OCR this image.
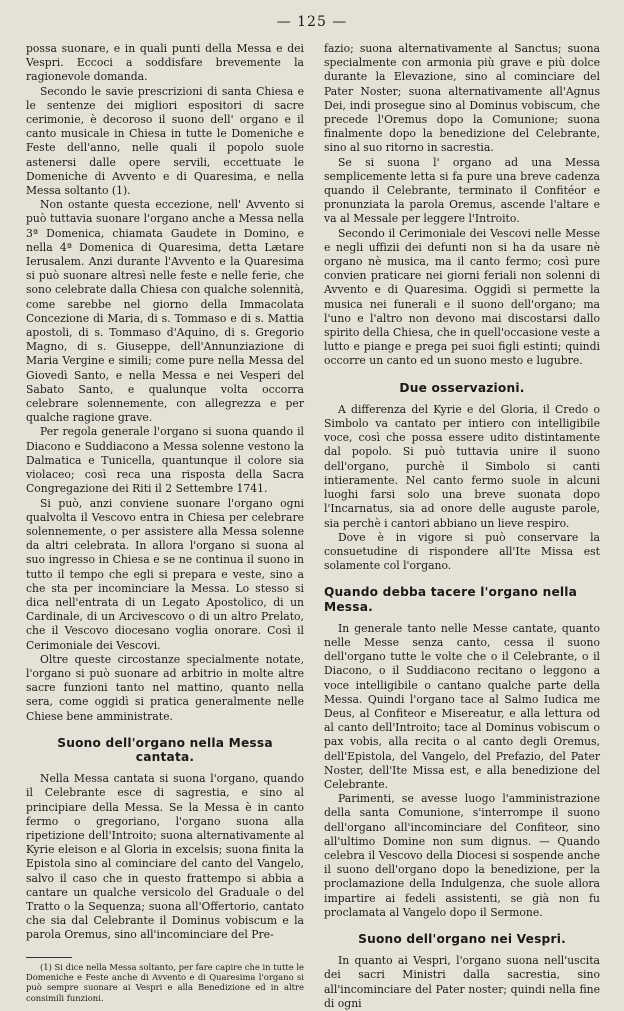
— 125 —

possa suonare, e in quali punti della Messa e dei Vespri. Eccoci a soddisfare brevemente la ragionevole domanda.

Secondo le savie prescrizioni di santa Chiesa e le sentenze dei migliori espositori di sacre cerimonie, è decoroso il suono dell' organo e il canto musicale in Chiesa in tutte le Domeniche e Feste dell'anno, nelle quali il popolo suole astenersi dalle opere servili, eccettuate le Domeniche di Avvento e di Quaresima, e nella Messa soltanto (1).

Non ostante questa eccezione, nell' Avvento si può tuttavia suonare l'organo anche a Messa nella 3ª Domenica, chiamata Gaudete in Domino, e nella 4ª Domenica di Quaresima, detta Lætare Ierusalem. Anzi durante l'Avvento e la Quaresima si può suonare altresì nelle feste e nelle ferie, che sono celebrate dalla Chiesa con qualche solennità, come sarebbe nel giorno della Immacolata Concezione di Maria, di s. Tommaso e di s. Mattia apostoli, di s. Tommaso d'Aquino, di s. Gregorio Magno, di s. Giuseppe, dell'Annunziazione di Maria Vergine e simili; come pure nella Messa del Giovedì Santo, e nella Messa e nei Vesperi del Sabato Santo, e qualunque volta occorra celebrare solennemente, con allegrezza e per qualche ragione grave.

Per regola generale l'organo si suona quando il Diacono e Suddiacono a Messa solenne vestono la Dalmatica e Tunicella, quantunque il colore sia violaceo; così reca una risposta della Sacra Congregazione dei Riti il 2 Settembre 1741.

Si può, anzi conviene suonare l'organo ogni qualvolta il Vescovo entra in Chiesa per celebrare solennemente, o per assistere alla Messa solenne da altri celebrata. In allora l'organo si suona al suo ingresso in Chiesa e se ne continua il suono in tutto il tempo che egli si prepara e veste, sino a che sta per incominciare la Messa. Lo stesso si dica nell'entrata di un Legato Apostolico, di un Cardinale, di un Arcivescovo o di un altro Prelato, che il Vescovo diocesano voglia onorare. Così il Cerimoniale dei Vescovi.

Oltre queste circostanze specialmente notate, l'organo si può suonare ad arbitrio in molte altre sacre funzioni tanto nel mattino, quanto nella sera, come oggidì si pratica generalmente nelle Chiese bene amministrate.

Suono dell'organo nella Messa cantata.

Nella Messa cantata si suona l'organo, quando il Celebrante esce di sagrestia, e sino al principiare della Messa. Se la Messa è in canto fermo o gregoriano, l'organo suona alla ripetizione dell'Introito; suona alternativamente al Kyrie eleison e al Gloria in excelsis; suona finita la Epistola sino al cominciare del canto del Vangelo, salvo il caso che in questo frattempo si abbia a cantare un qualche versicolo del Graduale o del Tratto o la Sequenza; suona all'Offertorio, cantato che sia dal Celebrante il Dominus vobiscum e la parola Oremus, sino all'incominciare del Pre-

(1) Si dice nella Messa soltanto, per fare capire che in tutte le Domeniche e Feste anche di Avvento e di Quaresima l'organo si può sempre suonare ai Vespri e alla Benedizione ed in altre consimili funzioni.

fazio; suona alternativamente al Sanctus; suona specialmente con armonia più grave e più dolce durante la Elevazione, sino al cominciare del Pater Noster; suona alternativamente all'Agnus Dei, indi prosegue sino al Dominus vobiscum, che precede l'Oremus dopo la Comunione; suona finalmente dopo la benedizione del Celebrante, sino al suo ritorno in sacrestia.

Se si suona l' organo ad una Messa semplicemente letta si fa pure una breve cadenza quando il Celebrante, terminato il Confitéor e pronunziata la parola Oremus, ascende l'altare e va al Messale per leggere l'Introito.

Secondo il Cerimoniale dei Vescovi nelle Messe e negli uffizii dei defunti non si ha da usare nè organo nè musica, ma il canto fermo; così pure convien praticare nei giorni feriali non solenni di Avvento e di Quaresima. Oggidì si permette la musica nei funerali e il suono dell'organo; ma l'uno e l'altro non devono mai discostarsi dallo spirito della Chiesa, che in quell'occasione veste a lutto e piange e prega pei suoi figli estinti; quindi occorre un canto ed un suono mesto e lugubre.

Due osservazioni.

A differenza del Kyrie e del Gloria, il Credo o Simbolo va cantato per intiero con intelligibile voce, così che possa essere udito distintamente dal popolo. Si può tuttavia unire il suono dell'organo, purchè il Simbolo si canti intieramente. Nel canto fermo suole in alcuni luoghi farsi solo una breve suonata dopo l'Incarnatus, sia ad onore delle auguste parole, sia perchè i cantori abbiano un lieve respiro.

Dove è in vigore si può conservare la consuetudine di rispondere all'Ite Missa est solamente col l'organo.

Quando debba tacere l'organo nella Messa.

In generale tanto nelle Messe cantate, quanto nelle Messe senza canto, cessa il suono dell'organo tutte le volte che o il Celebrante, o il Diacono, o il Suddiacono recitano o leggono a voce intelligibile o cantano qualche parte della Messa. Quindi l'organo tace al Salmo Iudica me Deus, al Confiteor e Misereatur, e alla lettura od al canto dell'Introito; tace al Dominus vobiscum o pax vobis, alla recita o al canto degli Oremus, dell'Epistola, del Vangelo, del Prefazio, del Pater Noster, dell'Ite Missa est, e alla benedizione del Celebrante.

Parimenti, se avesse luogo l'amministrazione della santa Comunione, s'interrompe il suono dell'organo all'incominciare del Confiteor, sino all'ultimo Domine non sum dignus. — Quando celebra il Vescovo della Diocesi si sospende anche il suono dell'organo dopo la benedizione, per la proclamazione della Indulgenza, che suole allora impartire ai fedeli assistenti, se già non fu proclamata al Vangelo dopo il Sermone.

Suono dell'organo nei Vespri.

In quanto ai Vespri, l'organo suona nell'uscita dei sacri Ministri dalla sacrestia, sino all'incominciare del Pater noster; quindi nella fine di ogni
